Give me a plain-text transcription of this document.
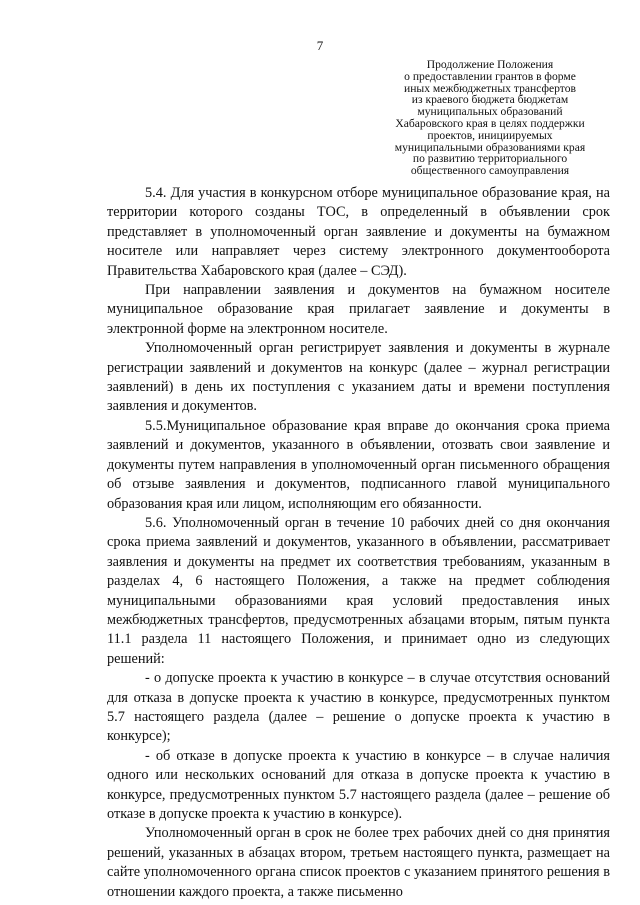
7
Продолжение Положения
о предоставлении грантов в форме
иных межбюджетных трансфертов
из краевого бюджета бюджетам
муниципальных образований
Хабаровского края в целях поддержки
проектов, инициируемых
муниципальными образованиями края
по развитию территориального
общественного самоуправления

5.4. Для участия в конкурсном отборе муниципальное образование края, на территории которого созданы ТОС, в определенный в объявлении срок представляет в уполномоченный орган заявление и документы на бумажном носителе или направляет через систему электронного документооборота Правительства Хабаровского края (далее – СЭД).

При направлении заявления и документов на бумажном носителе муниципальное образование края прилагает заявление и документы в электронной форме на электронном носителе.

Уполномоченный орган регистрирует заявления и документы в журнале регистрации заявлений и документов на конкурс (далее – журнал регистрации заявлений) в день их поступления с указанием даты и времени поступления заявления и документов.

5.5.Муниципальное образование края вправе до окончания срока приема заявлений и документов, указанного в объявлении, отозвать свои заявление и документы путем направления в уполномоченный орган письменного обращения об отзыве заявления и документов, подписанного главой муниципального образования края или лицом, исполняющим его обязанности.

5.6. Уполномоченный орган в течение 10 рабочих дней со дня окончания срока приема заявлений и документов, указанного в объявлении, рассматривает заявления и документы на предмет их соответствия требованиям, указанным в разделах 4, 6 настоящего Положения, а также на предмет соблюдения муниципальными образованиями края условий предоставления иных межбюджетных трансфертов, предусмотренных абзацами вторым, пятым пункта 11.1 раздела 11 настоящего Положения, и принимает одно из следующих решений:

- о допуске проекта к участию в конкурсе – в случае отсутствия оснований для отказа в допуске проекта к участию в конкурсе, предусмотренных пунктом 5.7 настоящего раздела (далее – решение о допуске проекта к участию в конкурсе);

- об отказе в допуске проекта к участию в конкурсе – в случае наличия одного или нескольких оснований для отказа в допуске проекта к участию в конкурсе, предусмотренных пунктом 5.7 настоящего раздела (далее – решение об отказе в допуске проекта к участию в конкурсе).

Уполномоченный орган в срок не более трех рабочих дней со дня принятия решений, указанных в абзацах втором, третьем настоящего пункта, размещает на сайте уполномоченного органа список проектов с указанием принятого решения в отношении каждого проекта, а также письменно
